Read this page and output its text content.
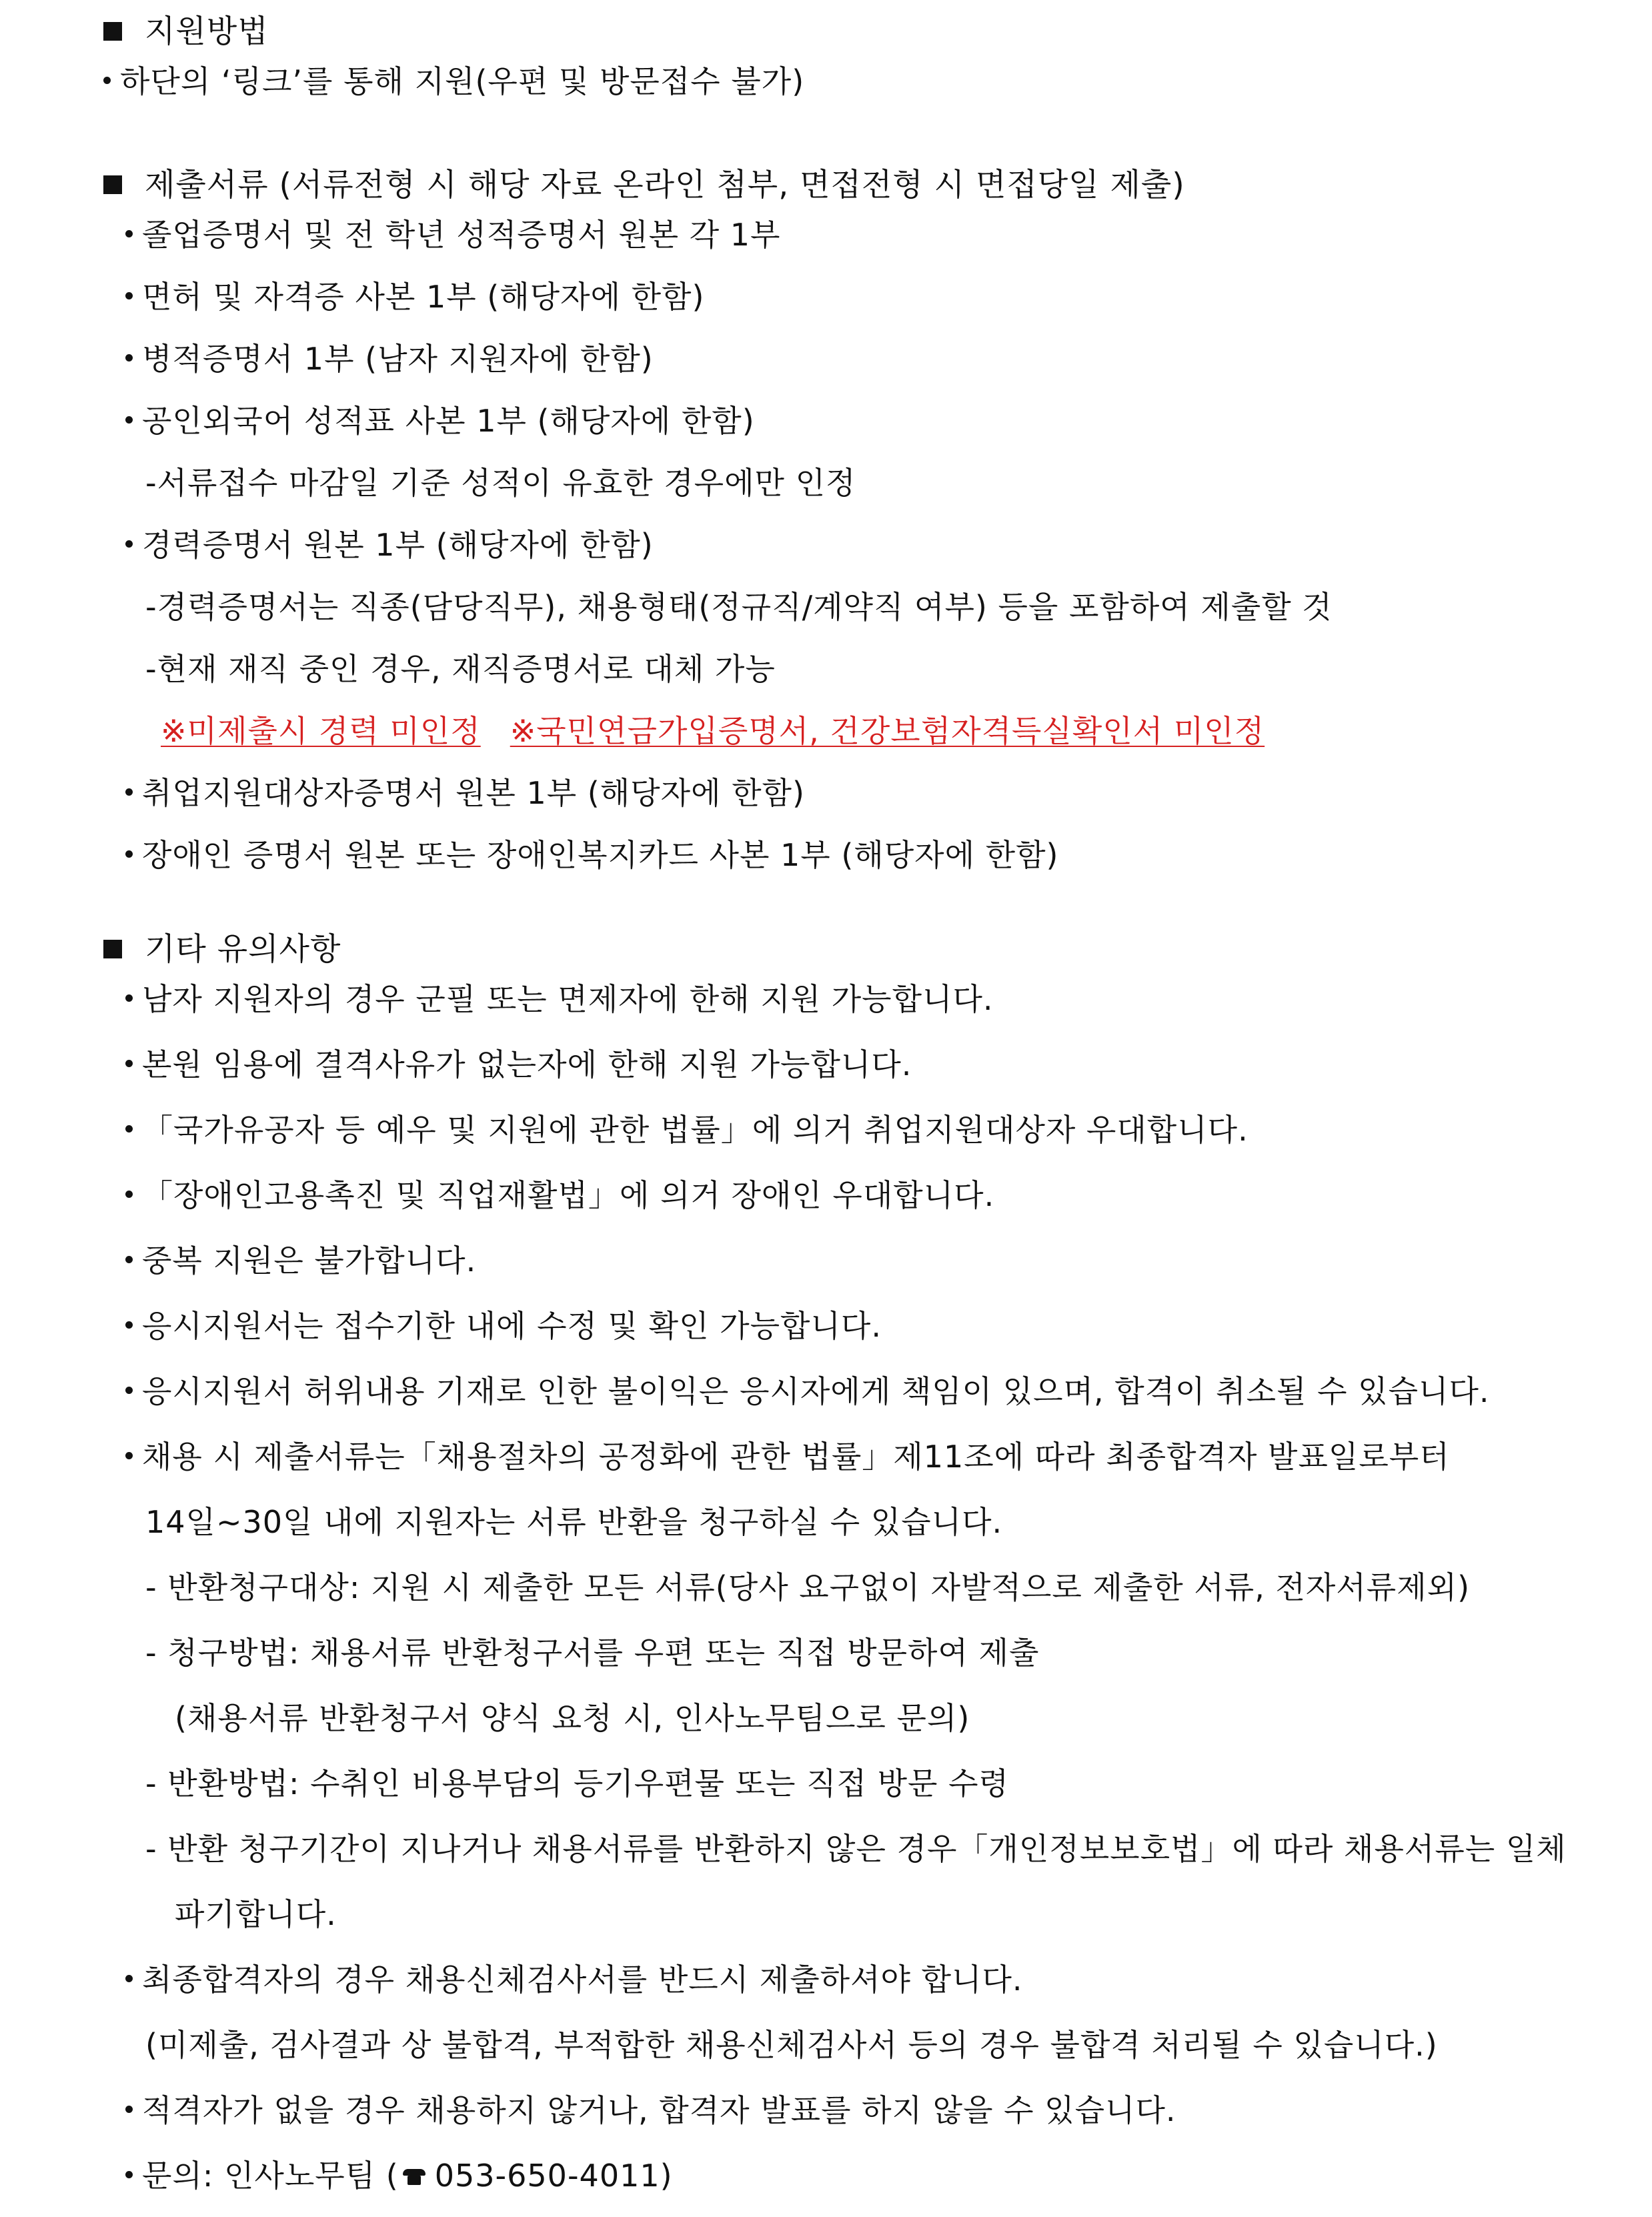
지원방법
하단의 ‘링크’를 통해 지원(우편 및 방문접수 불가)
제출서류 (서류전형 시 해당 자료 온라인 첨부, 면접전형 시 면접당일 제출)
졸업증명서 및 전 학년 성적증명서 원본 각 1부
면허 및 자격증 사본 1부 (해당자에 한함)
병적증명서 1부 (남자 지원자에 한함)
공인외국어 성적표 사본 1부 (해당자에 한함)
-서류접수 마감일 기준 성적이 유효한 경우에만 인정
경력증명서 원본 1부 (해당자에 한함)
-경력증명서는 직종(담당직무), 채용형태(정규직/계약직 여부) 등을 포함하여 제출할 것
-현재 재직 중인 경우, 재직증명서로 대체 가능
※미제출시 경력 미인정 ※국민연금가입증명서, 건강보험자격득실확인서 미인정
취업지원대상자증명서 원본 1부 (해당자에 한함)
장애인 증명서 원본 또는 장애인복지카드 사본 1부 (해당자에 한함)
기타 유의사항
남자 지원자의 경우 군필 또는 면제자에 한해 지원 가능합니다.
본원 임용에 결격사유가 없는자에 한해 지원 가능합니다.
「국가유공자 등 예우 및 지원에 관한 법률」에 의거 취업지원대상자 우대합니다.
「장애인고용촉진 및 직업재활법」에 의거 장애인 우대합니다.
중복 지원은 불가합니다.
응시지원서는 접수기한 내에 수정 및 확인 가능합니다.
응시지원서 허위내용 기재로 인한 불이익은 응시자에게 책임이 있으며, 합격이 취소될 수 있습니다.
채용 시 제출서류는「채용절차의 공정화에 관한 법률」제11조에 따라 최종합격자 발표일로부터
14일~30일 내에 지원자는 서류 반환을 청구하실 수 있습니다.
- 반환청구대상: 지원 시 제출한 모든 서류(당사 요구없이 자발적으로 제출한 서류, 전자서류제외)
- 청구방법: 채용서류 반환청구서를 우편 또는 직접 방문하여 제출
(채용서류 반환청구서 양식 요청 시, 인사노무팀으로 문의)
- 반환방법: 수취인 비용부담의 등기우편물 또는 직접 방문 수령
- 반환 청구기간이 지나거나 채용서류를 반환하지 않은 경우「개인정보보호법」에 따라 채용서류는 일체
파기합니다.
최종합격자의 경우 채용신체검사서를 반드시 제출하셔야 합니다.
(미제출, 검사결과 상 불합격, 부적합한 채용신체검사서 등의 경우 불합격 처리될 수 있습니다.)
적격자가 없을 경우 채용하지 않거나, 합격자 발표를 하지 않을 수 있습니다.
문의: 인사노무팀 ( 053-650-4011)
